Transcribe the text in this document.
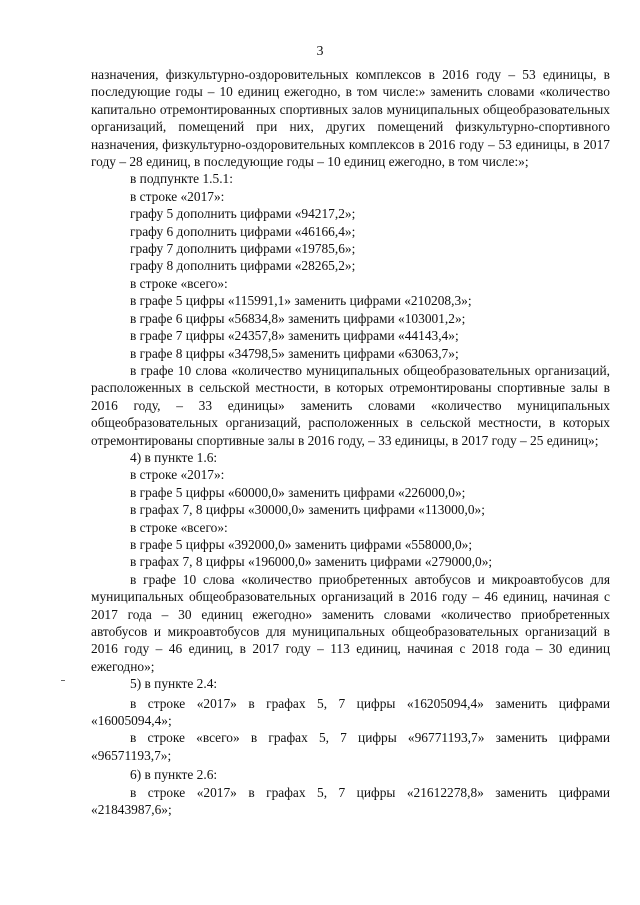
3

назначения, физкультурно-оздоровительных комплексов в 2016 году – 53 единицы, в последующие годы – 10 единиц ежегодно, в том числе:» заменить словами «количество капитально отремонтированных спортивных залов муниципальных общеобразовательных организаций, помещений при них, других помещений физкультурно-спортивного назначения, физкультурно-оздоровительных комплексов в 2016 году – 53 единицы, в 2017 году – 28 единиц, в последующие годы – 10 единиц ежегодно, в том числе:»;

в подпункте 1.5.1:

в строке «2017»:

графу 5 дополнить цифрами «94217,2»;

графу 6 дополнить цифрами «46166,4»;

графу 7 дополнить цифрами «19785,6»;

графу 8 дополнить цифрами «28265,2»;

в строке «всего»:

в графе 5 цифры «115991,1» заменить цифрами «210208,3»;

в графе 6 цифры «56834,8» заменить цифрами «103001,2»;

в графе 7 цифры «24357,8» заменить цифрами «44143,4»;

в графе 8 цифры «34798,5» заменить цифрами «63063,7»;

в графе 10 слова «количество муниципальных общеобразовательных организаций, расположенных в сельской местности, в которых отремонтированы спортивные залы в 2016 году, – 33 единицы» заменить словами «количество муниципальных общеобразовательных организаций, расположенных в сельской местности, в которых отремонтированы спортивные залы в 2016 году, – 33 единицы, в 2017 году – 25 единиц»;

4) в пункте 1.6:

в строке «2017»:

в графе 5 цифры «60000,0» заменить цифрами «226000,0»;

в графах 7, 8 цифры «30000,0» заменить цифрами «113000,0»;

в строке «всего»:

в графе 5 цифры «392000,0» заменить цифрами «558000,0»;

в графах 7, 8 цифры «196000,0» заменить цифрами «279000,0»;

в графе 10 слова «количество приобретенных автобусов и микроавтобусов для муниципальных общеобразовательных организаций в 2016 году – 46 единиц, начиная с 2017 года – 30 единиц ежегодно» заменить словами «количество приобретенных автобусов и микроавтобусов для муниципальных общеобразовательных организаций в 2016 году – 46 единиц, в 2017 году – 113 единиц, начиная с 2018 года – 30 единиц ежегодно»;

5) в пункте 2.4:

в строке «2017» в графах 5, 7 цифры «16205094,4» заменить цифрами «16005094,4»;

в строке «всего» в графах 5, 7 цифры «96771193,7» заменить цифрами «96571193,7»;

6) в пункте 2.6:

в строке «2017» в графах 5, 7 цифры «21612278,8» заменить цифрами «21843987,6»;
